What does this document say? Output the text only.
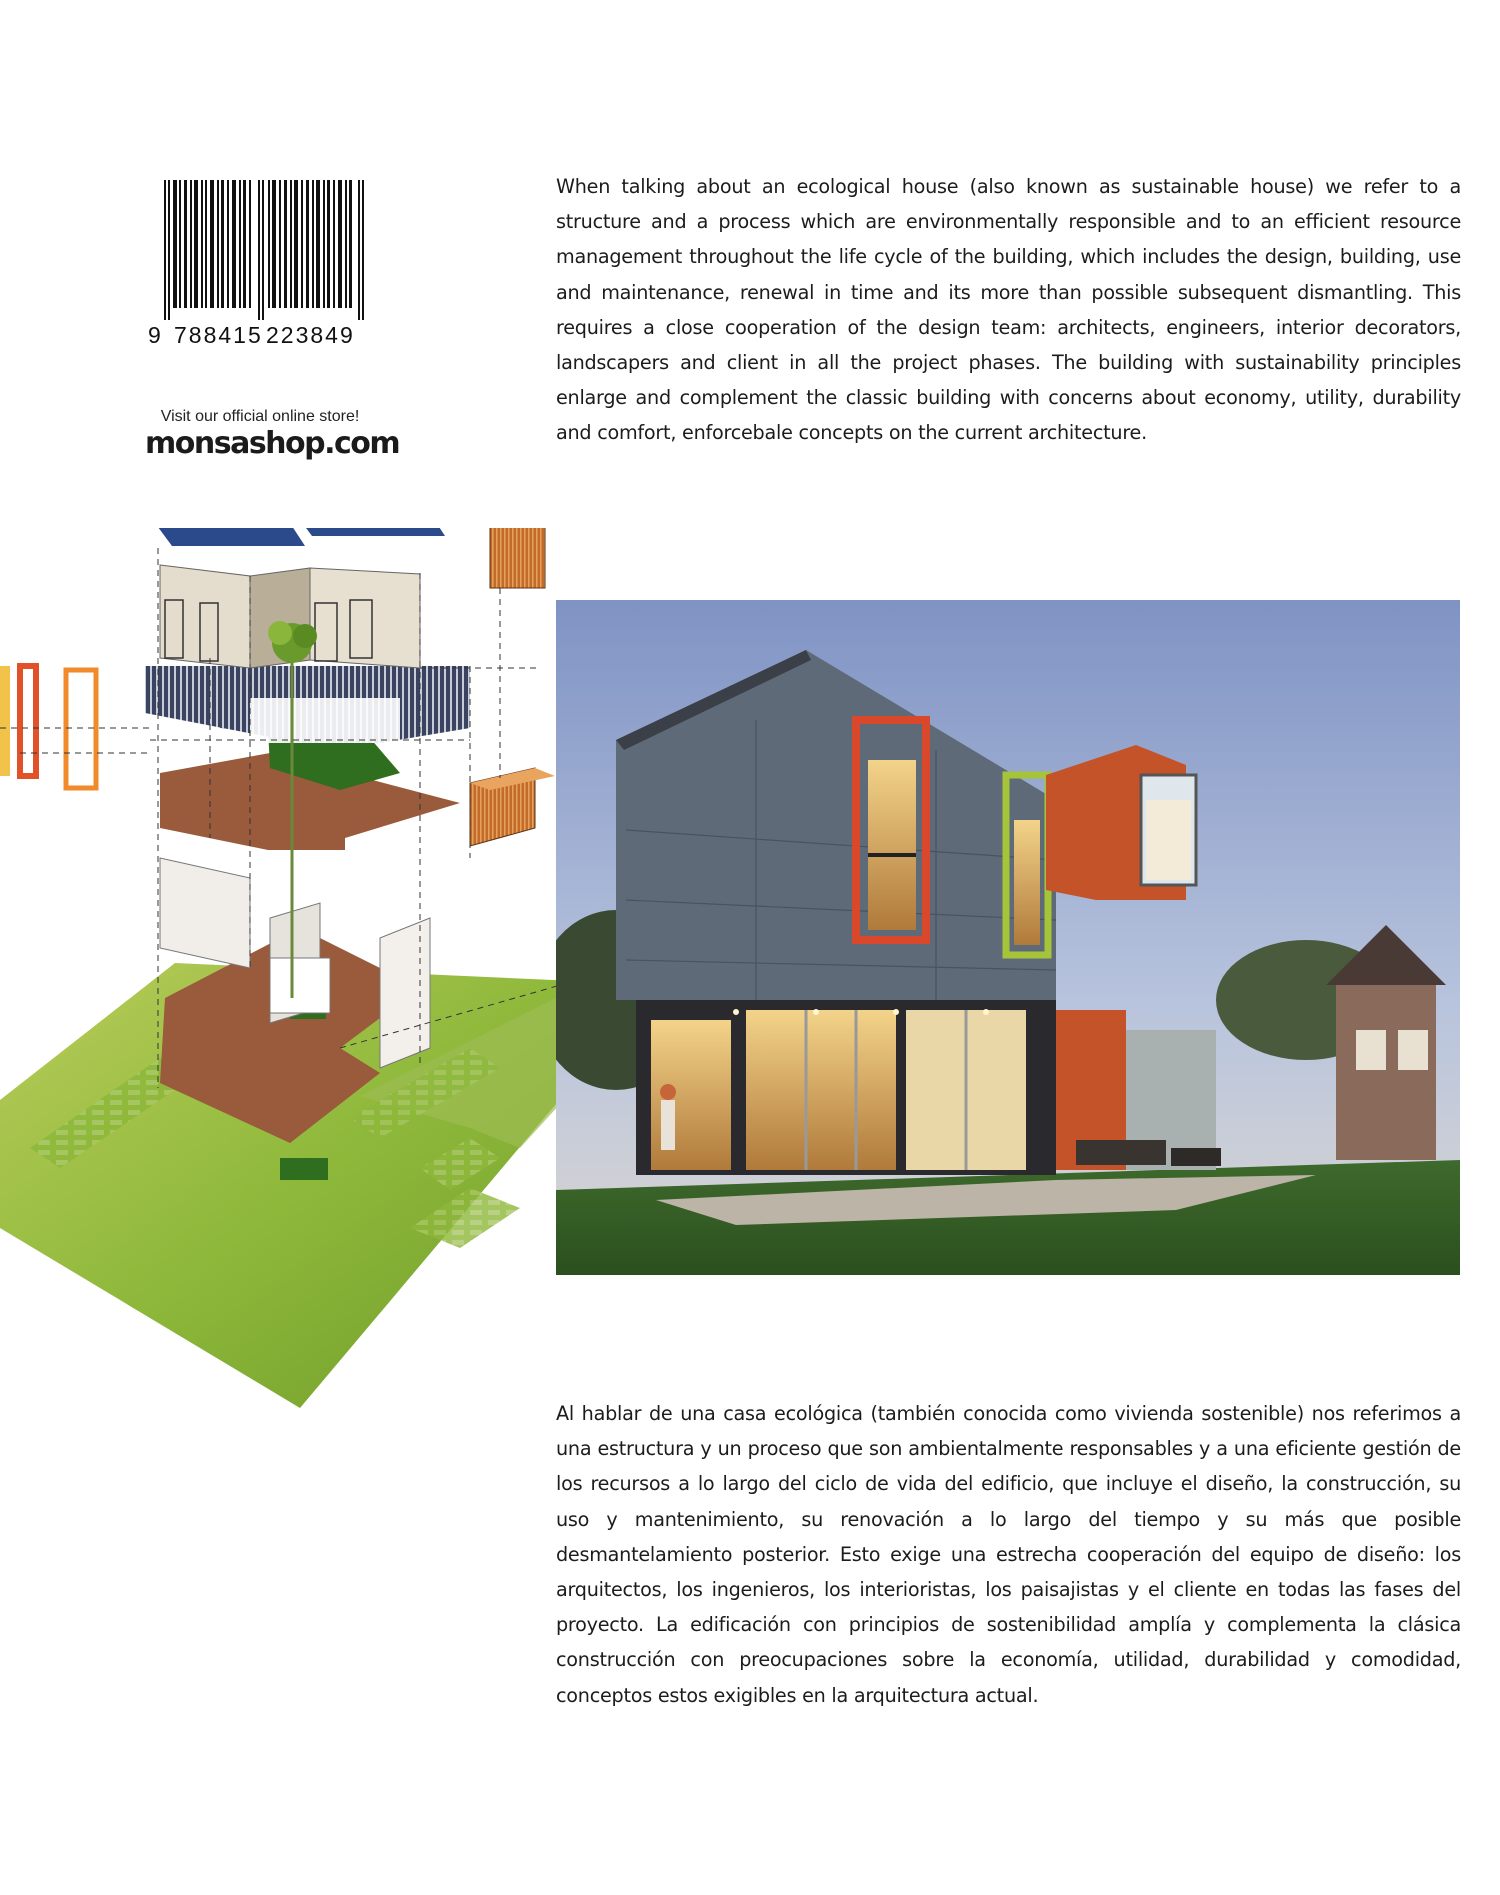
9 788415 223849
Visit our official online store!
monsashop.com
When talking about an ecological house (also known as sustainable house) we refer to a structure and a process which are environmentally responsible and to an efficient resource management throughout the life cycle of the building, which includes the design, building, use and maintenance, renewal in time and its more than possible subsequent dismantling. This requires a close cooperation of the design team: architects, engineers, interior decorators, landscapers and client in all the project phases. The building with sustainability principles enlarge and complement the classic building with concerns about economy, utility, durability and comfort, enforcebale concepts on the current architecture.
Al hablar de una casa ecológica (también conocida como vivienda sostenible) nos referimos a una estructura y un proceso que son ambientalmente responsables y a una eficiente gestión de los recursos a lo largo del ciclo de vida del edificio, que incluye el diseño, la construcción, su uso y mantenimiento, su renovación a lo largo del tiempo y su más que posible desmantelamiento posterior. Esto exige una estrecha cooperación del equipo de diseño: los arquitectos, los ingenieros, los interioristas, los paisajistas y el cliente en todas las fases del proyecto. La edificación con principios de sostenibilidad amplía y complementa la clásica construcción con preocupaciones sobre la economía, utilidad, durabilidad y comodidad, conceptos estos exigibles en la arquitectura actual.
